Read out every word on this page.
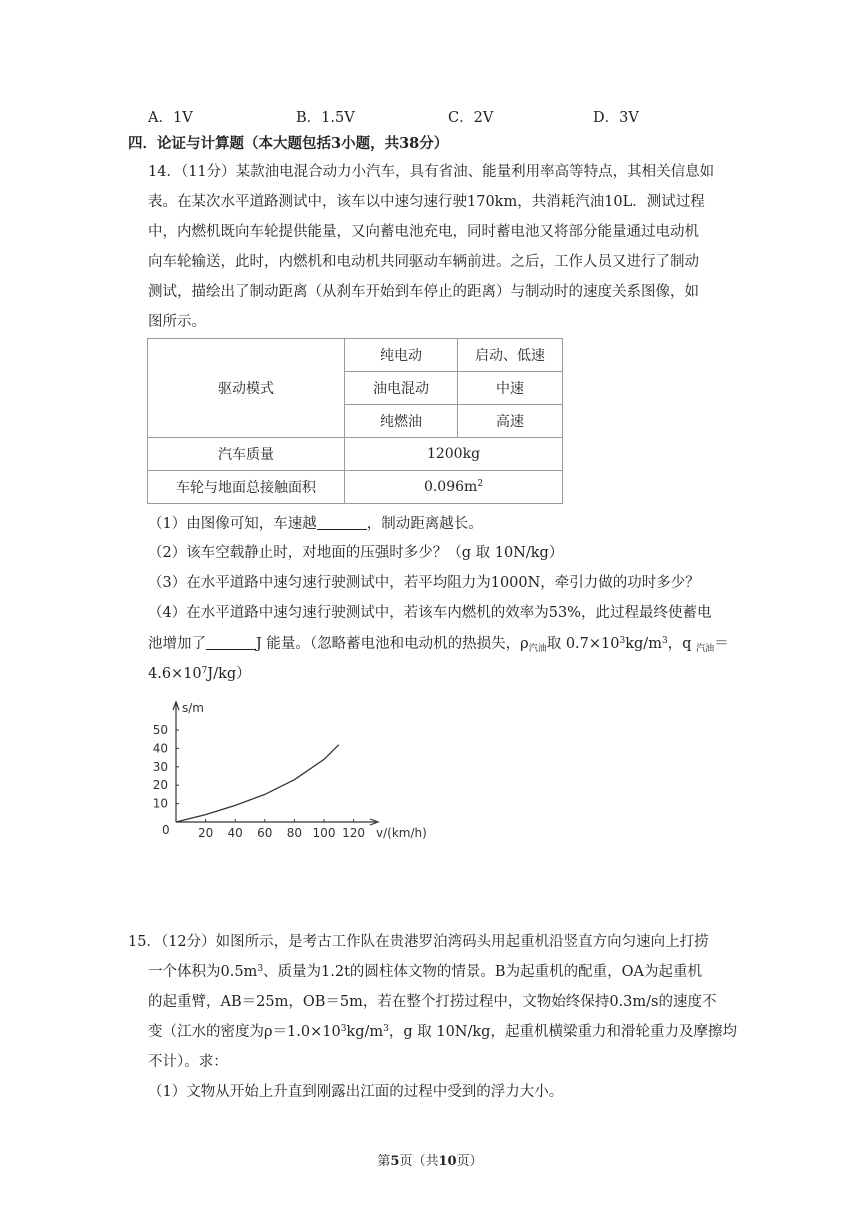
A．1V	B．1.5V	C．2V	D．3V
四．论证与计算题（本大题包括3小题，共38分）
14．（11分）某款油电混合动力小汽车，具有省油、能量利用率高等特点，其相关信息如
表。在某次水平道路测试中，该车以中速匀速行驶170km，共消耗汽油10L．测试过程
中，内燃机既向车轮提供能量，又向蓄电池充电，同时蓄电池又将部分能量通过电动机
向车轮输送，此时，内燃机和电动机共同驱动车辆前进。之后，工作人员又进行了制动
测试，描绘出了制动距离（从刹车开始到车停止的距离）与制动时的速度关系图像，如
图所示。
驱动模式	纯电动	启动、低速
	油电混动	中速
	纯燃油	高速
汽车质量	1200kg	
车轮与地面总接触面积	$0.096m^2$
（1）由图像可知，车速越	，制动距离越长。
（2）该车空载静止时，对地面的压强时多少？（g 取 10N/kg）
（3）在水平道路中速匀速行驶测试中，若平均阻力为1000N，牵引力做的功时多少？
（4）在水平道路中速匀速行驶测试中，若该车内燃机的效率为53%，此过程最终使蓄电
池增加了	J 能量。（忽略蓄电池和电动机的热损失，$\rho_{汽油}$取 $0.7\times 10^3kg/m^3$，q $_{汽油}$＝
$4.6\times 10^7J/kg$）
20 40 60 80 100 120
10
20
30
40
50
s/m
v/(km/h)
0
15．（12分）如图所示，是考古工作队在贵港罗泊湾码头用起重机沿竖直方向匀速向上打捞
一个体积为$0.5m^3$、质量为1.2t的圆柱体文物的情景。B为起重机的配重，OA为起重机
的起重臂，AB＝25m，OB＝5m，若在整个打捞过程中，文物始终保持0.3m/s的速度不
变（江水的密度为$\rho=1.0\times 10^3kg/m^3$，g 取 10N/kg，起重机横梁重力和滑轮重力及摩擦均
不计）。求：
（1）文物从开始上升直到刚露出江面的过程中受到的浮力大小。
第5页（共10页）
